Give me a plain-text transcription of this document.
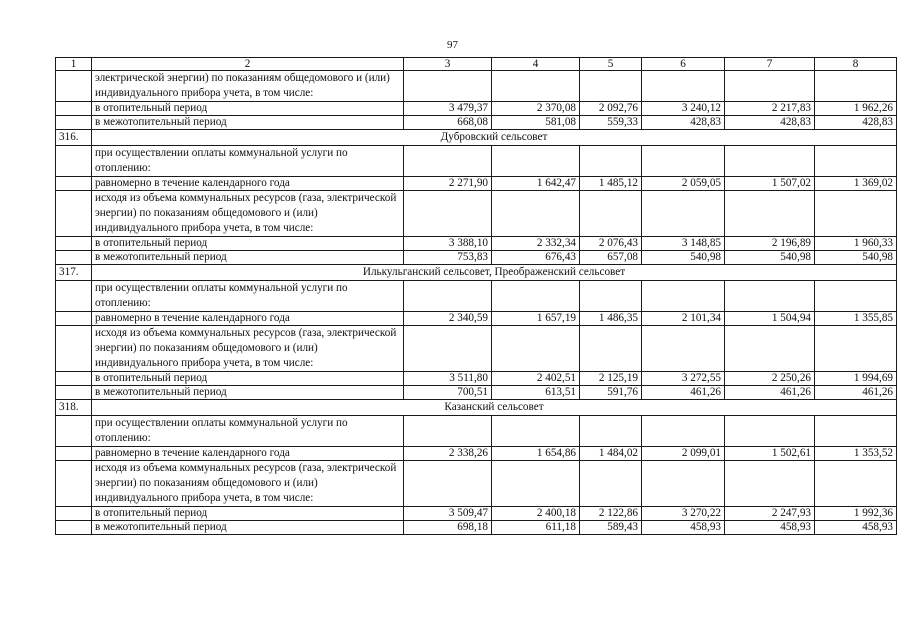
97
1	2	3	4	5	6	7	8
	электрической энергии) по показаниям общедомового и (или) индивидуального прибора учета, в том числе:						
	в отопительный период	3 479,37	2 370,08	2 092,76	3 240,12	2 217,83	1 962,26
	в межотопительный период	668,08	581,08	559,33	428,83	428,83	428,83
316.	Дубровский сельсовет						
	при осуществлении оплаты коммунальной услуги по отоплению:						
	равномерно в течение календарного года	2 271,90	1 642,47	1 485,12	2 059,05	1 507,02	1 369,02
	исходя из объема коммунальных ресурсов (газа, электрической энергии) по показаниям общедомового и (или) индивидуального прибора учета, в том числе:						
	в отопительный период	3 388,10	2 332,34	2 076,43	3 148,85	2 196,89	1 960,33
	в межотопительный период	753,83	676,43	657,08	540,98	540,98	540,98
317.	Илькульганский сельсовет, Преображенский сельсовет						
	при осуществлении оплаты коммунальной услуги по отоплению:						
	равномерно в течение календарного года	2 340,59	1 657,19	1 486,35	2 101,34	1 504,94	1 355,85
	исходя из объема коммунальных ресурсов (газа, электрической энергии) по показаниям общедомового и (или) индивидуального прибора учета, в том числе:						
	в отопительный период	3 511,80	2 402,51	2 125,19	3 272,55	2 250,26	1 994,69
	в межотопительный период	700,51	613,51	591,76	461,26	461,26	461,26
318.	Казанский сельсовет						
	при осуществлении оплаты коммунальной услуги по отоплению:						
	равномерно в течение календарного года	2 338,26	1 654,86	1 484,02	2 099,01	1 502,61	1 353,52
	исходя из объема коммунальных ресурсов (газа, электрической энергии) по показаниям общедомового и (или) индивидуального прибора учета, в том числе:						
	в отопительный период	3 509,47	2 400,18	2 122,86	3 270,22	2 247,93	1 992,36
	в межотопительный период	698,18	611,18	589,43	458,93	458,93	458,93
